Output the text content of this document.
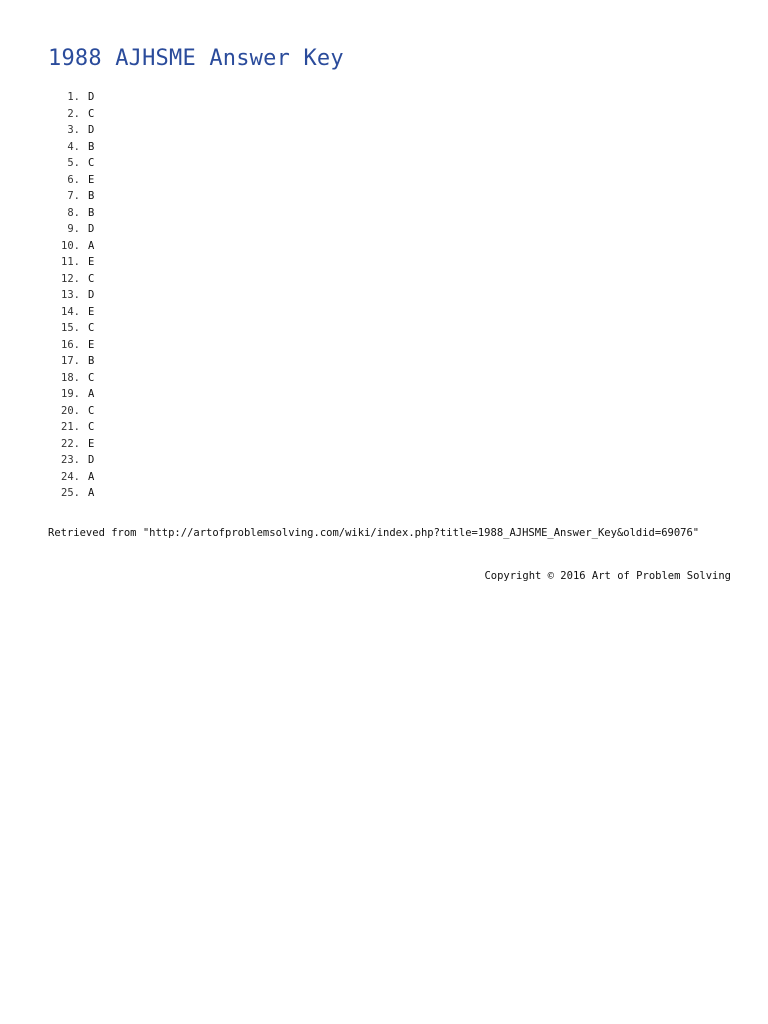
1988 AJHSME Answer Key
1. D
2. C
3. D
4. B
5. C
6. E
7. B
8. B
9. D
10. A
11. E
12. C
13. D
14. E
15. C
16. E
17. B
18. C
19. A
20. C
21. C
22. E
23. D
24. A
25. A
Retrieved from "http://artofproblemsolving.com/wiki/index.php?title=1988_AJHSME_Answer_Key&oldid=69076"
Copyright © 2016 Art of Problem Solving
